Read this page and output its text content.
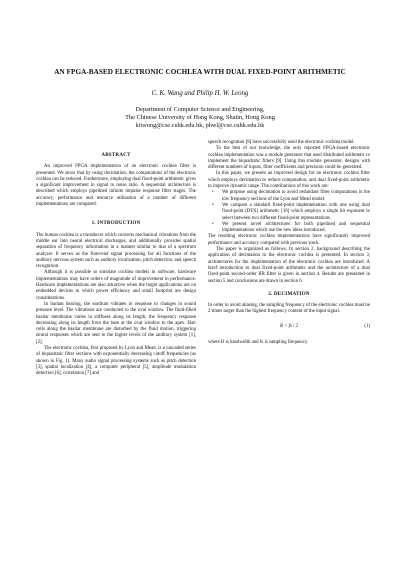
AN FPGA-BASED ELECTRONIC COCHLEA WITH DUAL FIXED-POINT ARITHMETIC
C. K. Wang and Philip H. W. Leong
Department of Computer Science and Engineering,
The Chinese University of Hong Kong, Shatin, Hong Kong
kitwong@cse.cuhk.edu.hk, phwl@cse.cuhk.edu.hk
ABSTRACT

An improved FPGA implementation of an electronic cochlea filter is presented. We show that by using decimation, the computations of the electronic cochlea can be reduced. Furthermore, employing dual fixed-point arithmetic gives a significant improvement in signal to noise ratio. A sequential architecture is described which employs pipelined infinite impulse response filter stages. The accuracy, performance and resource utilisation of a number of different implementations are compared.

1. INTRODUCTION

The human cochlea is a transducer which converts mechanical vibrations from the middle ear into neural electrical discharges, and additionally provides spatial separation of frequency information in a manner similar to that of a spectrum analyzer. It serves as the front-end signal processing for all functions of the auditory nervous system such as auditory localization, pitch detection, and speech recognition.

Although it is possible to simulate cochlea models in software, hardware implementations may have orders of magnitude of improvement in performance. Hardware implementations are also attractive when the target applications are on embedded devices in which power efficiency and small footprint are design considerations.

In human hearing, the eardrum vibrates in response to changes in sound pressure level. The vibrations are conducted to the oval window. The fluid-filled basilar membrane varies in stiffness along its length, the frequency response decreasing along its length from the base at the oval window to the apex. Hair cells along the basilar membrane are disturbed by the fluid motion, triggering neural responses which are sent to the higher levels of the auditory system [1], [2].

The electronic cochlea, first proposed by Lyon and Mead, is a cascaded series of biquadratic filter sections with exponentially decreasing cutoff frequencies (as shown in Fig. 1). Many audio signal processing systems such as pitch detection [3], spatial localization [4], a computer peripheral [5], amplitude modulation detection [6], correlation [7] and

speech recognition [8] have successfully used the electronic cochlea model.

To the best of our knowledge, the only reported FPGA-based electronic cochlea implementation was a module generator that used distributed arithmetic to implement the biquadratic filters [9]. Using this module generator, designs with different numbers of inputs, filter coefficients and precision could be generated.

In this paper, we present an improved design for an electronic cochlea filter which employs decimation to reduce computation, and dual fixed-point arithmetic to improve dynamic range. The contributions of this work are:

• We propose using decimation to avoid redundant filter computations in the low frequency sections of the Lyon and Mead model.
• We compare a standard fixed-point implementation with one using dual fixed-point (DFX) arithmetic [10] which employs a single bit exponent to select between two different fixed-point representations.
• We present novel architectures for both pipelined and sequential implementations which use the new ideas introduced.

The resulting electronic cochlea implementations have significantly improved performance and accuracy compared with previous work.

The paper is organized as follows. In section 2, background describing the application of decimation to the electronic cochlea is presented. In section 3, architectures for the implementation of the electronic cochlea are introduced. A brief introduction to dual fixed-point arithmetic and the architecture of a dual fixed-point second-order IIR filter is given in section 4. Results are presented in section 5 and conclusions are drawn in section 6.

2. DECIMATION

In order to avoid aliasing, the sampling frequency of the electronic cochlea must be 2 times larger than the highest frequency content of the input signal.

B < fs / 2	(1)

where B is bandwidth and fs is sampling frequency.
